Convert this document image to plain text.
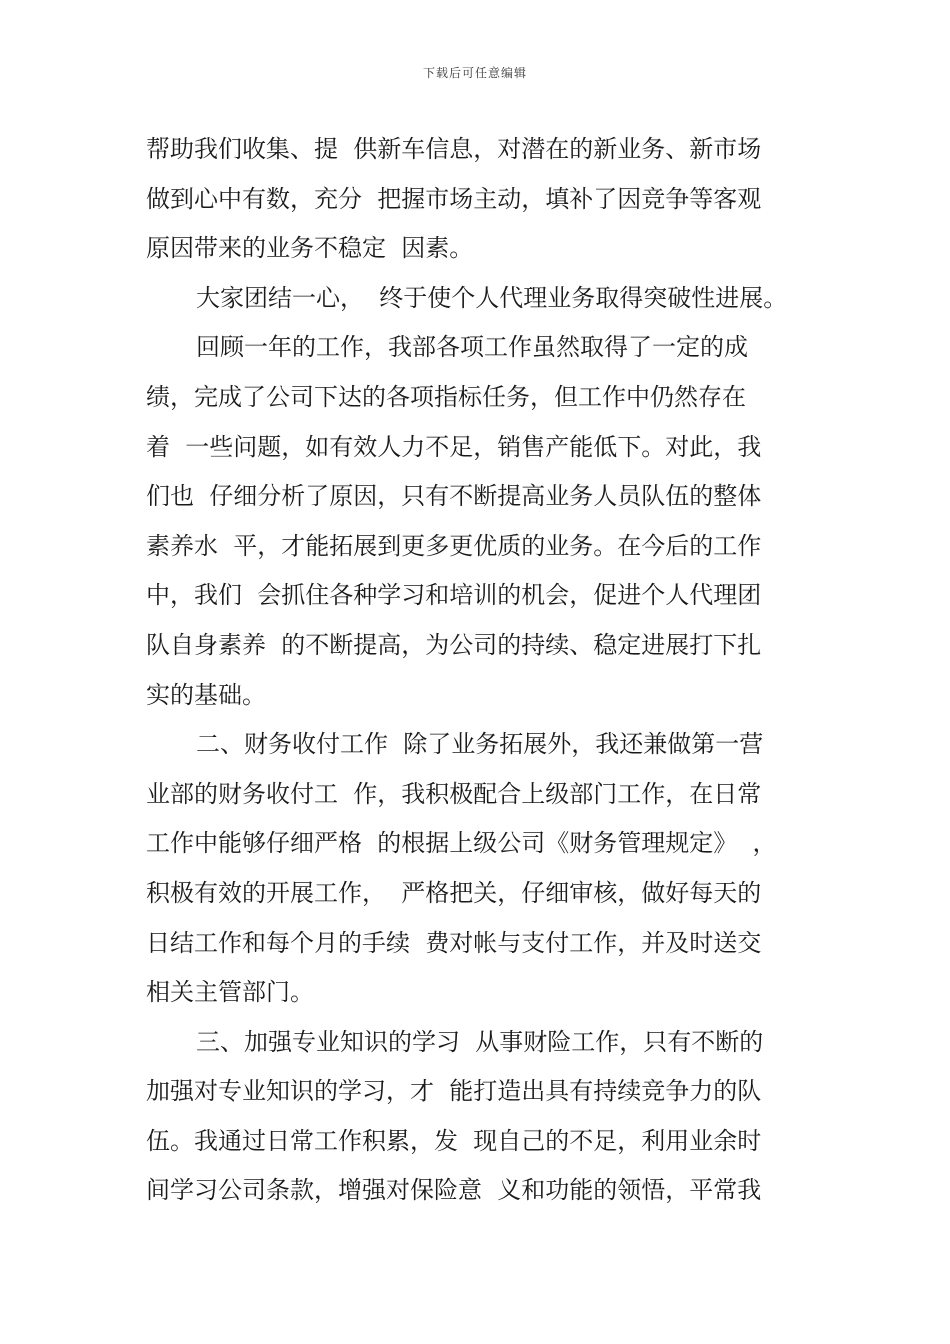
下载后可任意编辑
帮助我们收集、提  供新车信息，对潜在的新业务、新市场
做到心中有数，充分  把握市场主动，填补了因竞争等客观
原因带来的业务不稳定  因素。
大家团结一心，  终于使个人代理业务取得突破性进展。
回顾一年的工作，我部各项工作虽然取得了一定的成
绩，完成了公司下达的各项指标任务，但工作中仍然存在
着  一些问题，如有效人力不足，销售产能低下。对此，我
们也  仔细分析了原因，只有不断提高业务人员队伍的整体
素养水  平，才能拓展到更多更优质的业务。在今后的工作
中，我们  会抓住各种学习和培训的机会，促进个人代理团
队自身素养  的不断提高，为公司的持续、稳定进展打下扎
实的基础。
二、财务收付工作  除了业务拓展外，我还兼做第一营
业部的财务收付工  作，我积极配合上级部门工作，在日常
工作中能够仔细严格  的根据上级公司《财务管理规定》  ，
积极有效的开展工作，  严格把关，仔细审核，做好每天的
日结工作和每个月的手续  费对帐与支付工作，并及时送交
相关主管部门。
三、加强专业知识的学习  从事财险工作，只有不断的
加强对专业知识的学习，才  能打造出具有持续竞争力的队
伍。我通过日常工作积累，发  现自己的不足，利用业余时
间学习公司条款，增强对保险意  义和功能的领悟，平常我
